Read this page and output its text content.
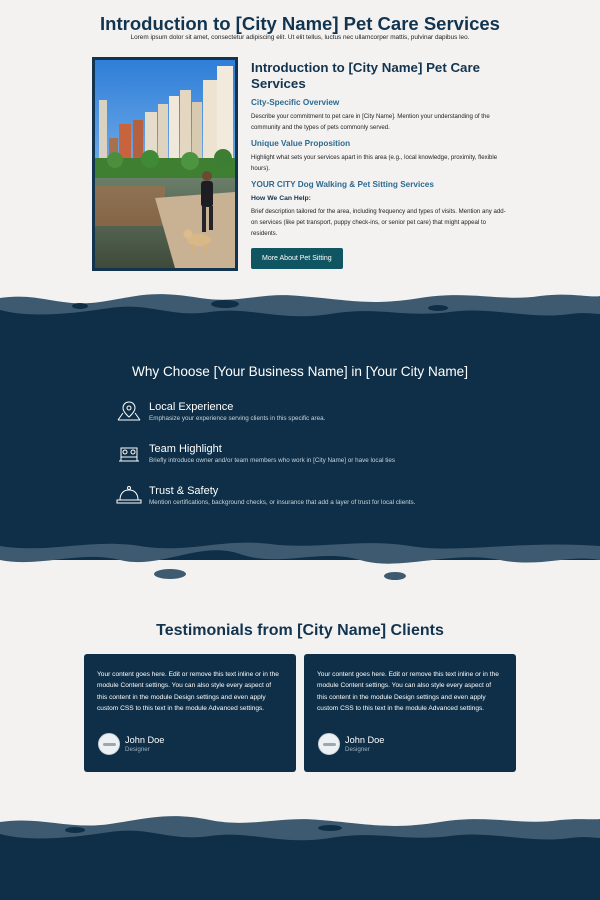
Introduction to [City Name] Pet Care Services
Lorem ipsum dolor sit amet, consectetur adipiscing elit. Ut elit tellus, luctus nec ullamcorper mattis, pulvinar dapibus leo.
Introduction to [City Name] Pet Care Services
City-Specific Overview

Describe your commitment to pet care in [City Name]. Mention your understanding of the community and the types of pets commonly served.

Unique Value Proposition

Highlight what sets your services apart in this area (e.g., local knowledge, proximity, flexible hours).

YOUR CITY Dog Walking & Pet Sitting Services
How We Can Help:

Brief description tailored for the area, including frequency and types of visits. Mention any add-on services (like pet transport, puppy check-ins, or senior pet care) that might appeal to residents.

More About Pet Sitting
Why Choose [Your Business Name] in [Your City Name]
Local Experience
Emphasize your experience serving clients in this specific area.
Team Highlight
Briefly introduce owner and/or team members who work in [City Name] or have local ties
Trust & Safety
Mention certifications, background checks, or insurance that add a layer of trust for local clients.
Testimonials from [City Name] Clients

Your content goes here. Edit or remove this text inline or in the module Content settings. You can also style every aspect of this content in the module Design settings and even apply custom CSS to this text in the module Advanced settings.

John Doe
Designer

Your content goes here. Edit or remove this text inline or in the module Content settings. You can also style every aspect of this content in the module Design settings and even apply custom CSS to this text in the module Advanced settings.

John Doe
Designer
